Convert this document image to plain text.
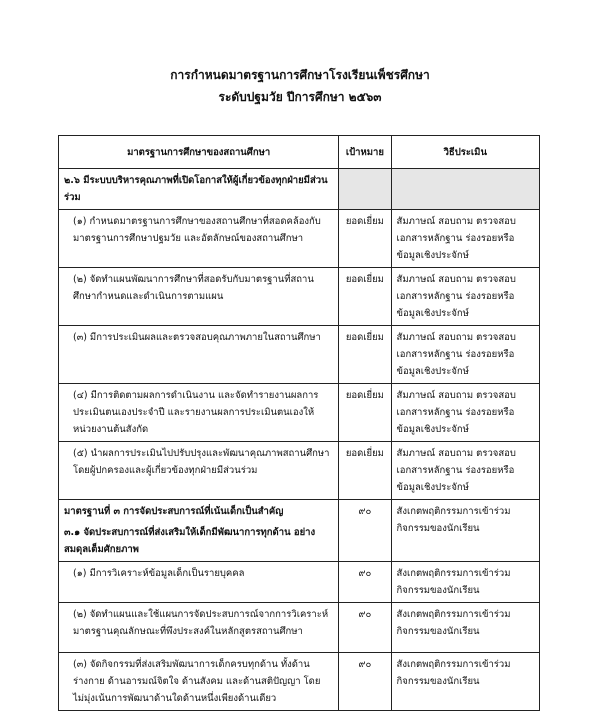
การกำหนดมาตรฐานการศึกษาโรงเรียนเพ็ชรศึกษา
ระดับปฐมวัย ปีการศึกษา ๒๕๖๓
มาตรฐานการศึกษาของสถานศึกษา	เป้าหมาย	วิธีประเมิน
๒.๖ มีระบบบริหารคุณภาพที่เปิดโอกาสให้ผู้เกี่ยวข้องทุกฝ่ายมีส่วนร่วม		
(๑) กำหนดมาตรฐานการศึกษาของสถานศึกษาที่สอดคล้องกับมาตรฐานการศึกษาปฐมวัย และอัตลักษณ์ของสถานศึกษา	ยอดเยี่ยม	สัมภาษณ์ สอบถาม ตรวจสอบเอกสารหลักฐาน ร่องรอยหรือข้อมูลเชิงประจักษ์
(๒) จัดทำแผนพัฒนาการศึกษาที่สอดรับกับมาตรฐานที่สถานศึกษากำหนดและดำเนินการตามแผน	ยอดเยี่ยม	สัมภาษณ์ สอบถาม ตรวจสอบเอกสารหลักฐาน ร่องรอยหรือข้อมูลเชิงประจักษ์
(๓) มีการประเมินผลและตรวจสอบคุณภาพภายในสถานศึกษา	ยอดเยี่ยม	สัมภาษณ์ สอบถาม ตรวจสอบเอกสารหลักฐาน ร่องรอยหรือข้อมูลเชิงประจักษ์
(๔) มีการติดตามผลการดำเนินงาน และจัดทำรายงานผลการประเมินตนเองประจำปี และรายงานผลการประเมินตนเองให้หน่วยงานต้นสังกัด	ยอดเยี่ยม	สัมภาษณ์ สอบถาม ตรวจสอบเอกสารหลักฐาน ร่องรอยหรือข้อมูลเชิงประจักษ์
(๕) นำผลการประเมินไปปรับปรุงและพัฒนาคุณภาพสถานศึกษา โดยผู้ปกครองและผู้เกี่ยวข้องทุกฝ่ายมีส่วนร่วม	ยอดเยี่ยม	สัมภาษณ์ สอบถาม ตรวจสอบเอกสารหลักฐาน ร่องรอยหรือข้อมูลเชิงประจักษ์

มาตรฐานที่ ๓ การจัดประสบการณ์ที่เน้นเด็กเป็นสำคัญ
๓.๑ จัดประสบการณ์ที่ส่งเสริมให้เด็กมีพัฒนาการทุกด้าน อย่างสมดุลเต็มศักยภาพ	๙๐	สังเกตพฤติกรรมการเข้าร่วมกิจกรรมของนักเรียน
(๑) มีการวิเคราะห์ข้อมูลเด็กเป็นรายบุคคล	๙๐	สังเกตพฤติกรรมการเข้าร่วมกิจกรรมของนักเรียน
(๒) จัดทำแผนและใช้แผนการจัดประสบการณ์จากการวิเคราะห์มาตรฐานคุณลักษณะที่พึงประสงค์ในหลักสูตรสถานศึกษา	๙๐	สังเกตพฤติกรรมการเข้าร่วมกิจกรรมของนักเรียน
(๓) จัดกิจกรรมที่ส่งเสริมพัฒนาการเด็กครบทุกด้าน ทั้งด้านร่างกาย ด้านอารมณ์จิตใจ ด้านสังคม และด้านสติปัญญา โดย ไม่มุ่งเน้นการพัฒนาด้านใดด้านหนึ่งเพียงด้านเดียว	๙๐	สังเกตพฤติกรรมการเข้าร่วมกิจกรรมของนักเรียน
